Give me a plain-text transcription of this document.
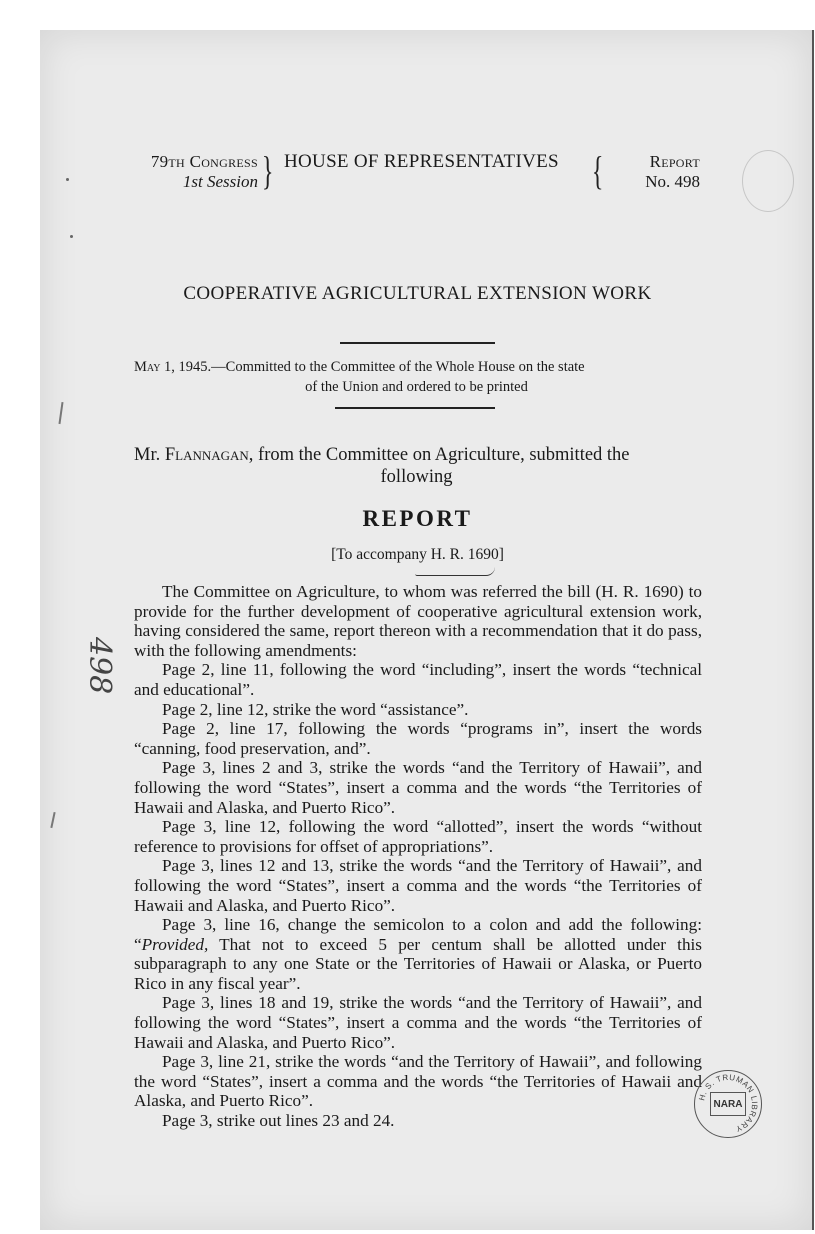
79th Congress
1st Session } HOUSE OF REPRESENTATIVES {	Report
No. 498
COOPERATIVE AGRICULTURAL EXTENSION WORK
May 1, 1945.—Committed to the Committee of the Whole House on the state
of the Union and ordered to be printed
Mr. Flannagan, from the Committee on Agriculture, submitted the
following
REPORT
[To accompany H. R. 1690]
498

The Committee on Agriculture, to whom was referred the bill (H. R. 1690) to provide for the further development of cooperative agricultural extension work, having considered the same, report thereon with a recommendation that it do pass, with the following amendments:

Page 2, line 11, following the word “including”, insert the words “technical and educational”.

Page 2, line 12, strike the word “assistance”.

Page 2, line 17, following the words “programs in”, insert the words “canning, food preservation, and”.

Page 3, lines 2 and 3, strike the words “and the Territory of Hawaii”, and following the word “States”, insert a comma and the words “the Territories of Hawaii and Alaska, and Puerto Rico”.

Page 3, line 12, following the word “allotted”, insert the words “without reference to provisions for offset of appropriations”.

Page 3, lines 12 and 13, strike the words “and the Territory of Hawaii”, and following the word “States”, insert a comma and the words “the Territories of Hawaii and Alaska, and Puerto Rico”.

Page 3, line 16, change the semicolon to a colon and add the following: “Provided, That not to exceed 5 per centum shall be allotted under this subparagraph to any one State or the Territories of Hawaii or Alaska, or Puerto Rico in any fiscal year”.

Page 3, lines 18 and 19, strike the words “and the Territory of Hawaii”, and following the word “States”, insert a comma and the words “the Territories of Hawaii and Alaska, and Puerto Rico”.

Page 3, line 21, strike the words “and the Territory of Hawaii”, and following the word “States”, insert a comma and the words “the Territories of Hawaii and Alaska, and Puerto Rico”.

Page 3, strike out lines 23 and 24.

H. S. TRUMAN LIBRARY
NARA
